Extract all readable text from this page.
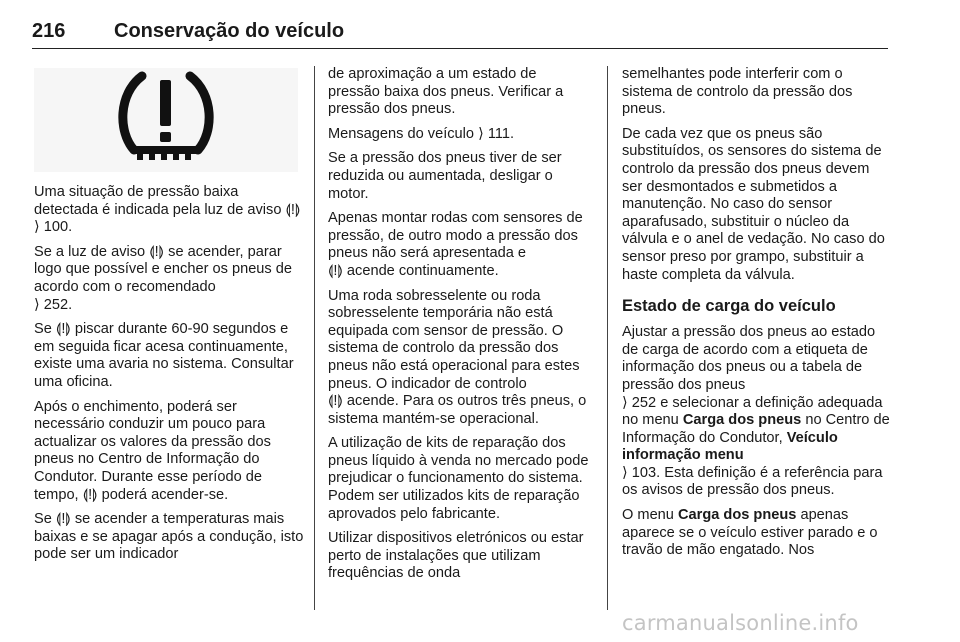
216 Conservação do veículo

Uma situação de pressão baixa detectada é indicada pela luz de aviso ⟬!⟭ ⟩ 100.

Se a luz de aviso ⟬!⟭ se acender, parar logo que possível e encher os pneus de acordo com o recomendado
⟩ 252.

Se ⟬!⟭ piscar durante 60-90 segundos e em seguida ficar acesa continuamente, existe uma avaria no sistema. Consultar uma oficina.

Após o enchimento, poderá ser necessário conduzir um pouco para actualizar os valores da pressão dos pneus no Centro de Informação do Condutor. Durante esse período de tempo, ⟬!⟭ poderá acender-se.

Se ⟬!⟭ se acender a temperaturas mais baixas e se apagar após a condução, isto pode ser um indicador

de aproximação a um estado de pressão baixa dos pneus. Verificar a pressão dos pneus.

Mensagens do veículo ⟩ 111.

Se a pressão dos pneus tiver de ser reduzida ou aumentada, desligar o motor.

Apenas montar rodas com sensores de pressão, de outro modo a pressão dos pneus não será apresentada e
⟬!⟭ acende continuamente.

Uma roda sobresselente ou roda sobresselente temporária não está equipada com sensor de pressão. O sistema de controlo da pressão dos pneus não está operacional para estes pneus. O indicador de controlo
⟬!⟭ acende. Para os outros três pneus, o sistema mantém-se operacional.

A utilização de kits de reparação dos pneus líquido à venda no mercado pode prejudicar o funcionamento do sistema. Podem ser utilizados kits de reparação aprovados pelo fabricante.

Utilizar dispositivos eletrónicos ou estar perto de instalações que utilizam frequências de onda

semelhantes pode interferir com o sistema de controlo da pressão dos pneus.

De cada vez que os pneus são substituídos, os sensores do sistema de controlo da pressão dos pneus devem ser desmontados e submetidos a manutenção. No caso do sensor aparafusado, substituir o núcleo da válvula e o anel de vedação. No caso do sensor preso por grampo, substituir a haste completa da válvula.

Estado de carga do veículo

Ajustar a pressão dos pneus ao estado de carga de acordo com a etiqueta de informação dos pneus ou a tabela de pressão dos pneus
⟩ 252 e selecionar a definição adequada no menu Carga dos pneus no Centro de Informação do Condutor, Veículo informação menu
⟩ 103. Esta definição é a referência para os avisos de pressão dos pneus.

O menu Carga dos pneus apenas aparece se o veículo estiver parado e o travão de mão engatado. Nos

carmanualsonline.info
